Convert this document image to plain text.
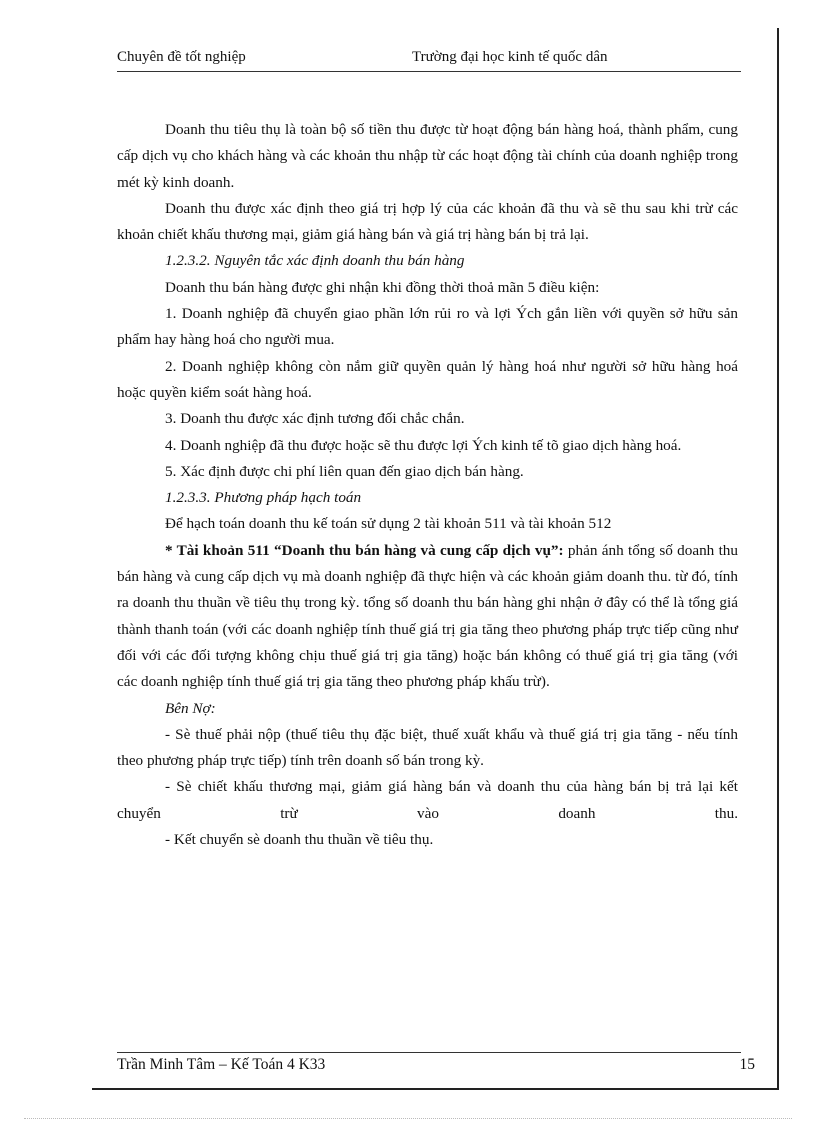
Chuyên đề tốt nghiệp	Trường đại học kinh tế quốc dân

Doanh thu tiêu thụ là toàn bộ số tiền thu được từ hoạt động bán hàng hoá, thành phẩm, cung cấp dịch vụ cho khách hàng và các khoản thu nhập từ các hoạt động tài chính của doanh nghiệp trong mét kỳ kinh doanh.

Doanh thu được xác định theo giá trị hợp lý của các khoản đã thu và sẽ thu sau khi trừ các khoản chiết khấu thương mại, giảm giá hàng bán và giá trị hàng bán bị trả lại.

1.2.3.2. Nguyên tắc xác định doanh thu bán hàng

Doanh thu bán hàng được ghi nhận khi đồng thời thoả mãn 5 điều kiện:

1. Doanh nghiệp đã chuyển giao phần lớn rủi ro và lợi Ých gắn liền với quyền sở hữu sản phẩm hay hàng hoá cho người mua.

2. Doanh nghiệp không còn nắm giữ quyền quản lý hàng hoá như người sở hữu hàng hoá hoặc quyền kiểm soát hàng hoá.

3. Doanh thu được xác định tương đối chắc chắn.

4. Doanh nghiệp đã thu được hoặc sẽ thu được lợi Ých kinh tế tõ giao dịch hàng hoá.

5. Xác định được chi phí liên quan đến giao dịch bán hàng.

1.2.3.3. Phương pháp hạch toán

Để hạch toán doanh thu kế toán sử dụng 2 tài khoản 511 và tài khoản 512

* Tài khoản 511 “Doanh thu bán hàng và cung cấp dịch vụ”: phản ánh tổng số doanh thu bán hàng và cung cấp dịch vụ mà doanh nghiệp đã thực hiện và các khoản giảm doanh thu. từ đó, tính ra doanh thu thuần về tiêu thụ trong kỳ. tổng số doanh thu bán hàng ghi nhận ở đây có thể là tổng giá thành thanh toán (với các doanh nghiệp tính thuế giá trị gia tăng theo phương pháp trực tiếp cũng như đối với các đối tượng không chịu thuế giá trị gia tăng) hoặc bán không có thuế giá trị gia tăng (với các doanh nghiệp tính thuế giá trị gia tăng theo phương pháp khấu trừ).

Bên Nợ:

- Sè thuế phải nộp (thuế tiêu thụ đặc biệt, thuế xuất khẩu và thuế giá trị gia tăng - nếu tính theo phương pháp trực tiếp) tính trên doanh số bán trong kỳ.

- Sè chiết khấu thương mại, giảm giá hàng bán và doanh thu của hàng bán bị trả lại kết chuyển trừ vào doanh thu.

- Kết chuyển sè doanh thu thuần về tiêu thụ.

Trần Minh Tâm – Kế Toán 4 K33	15
